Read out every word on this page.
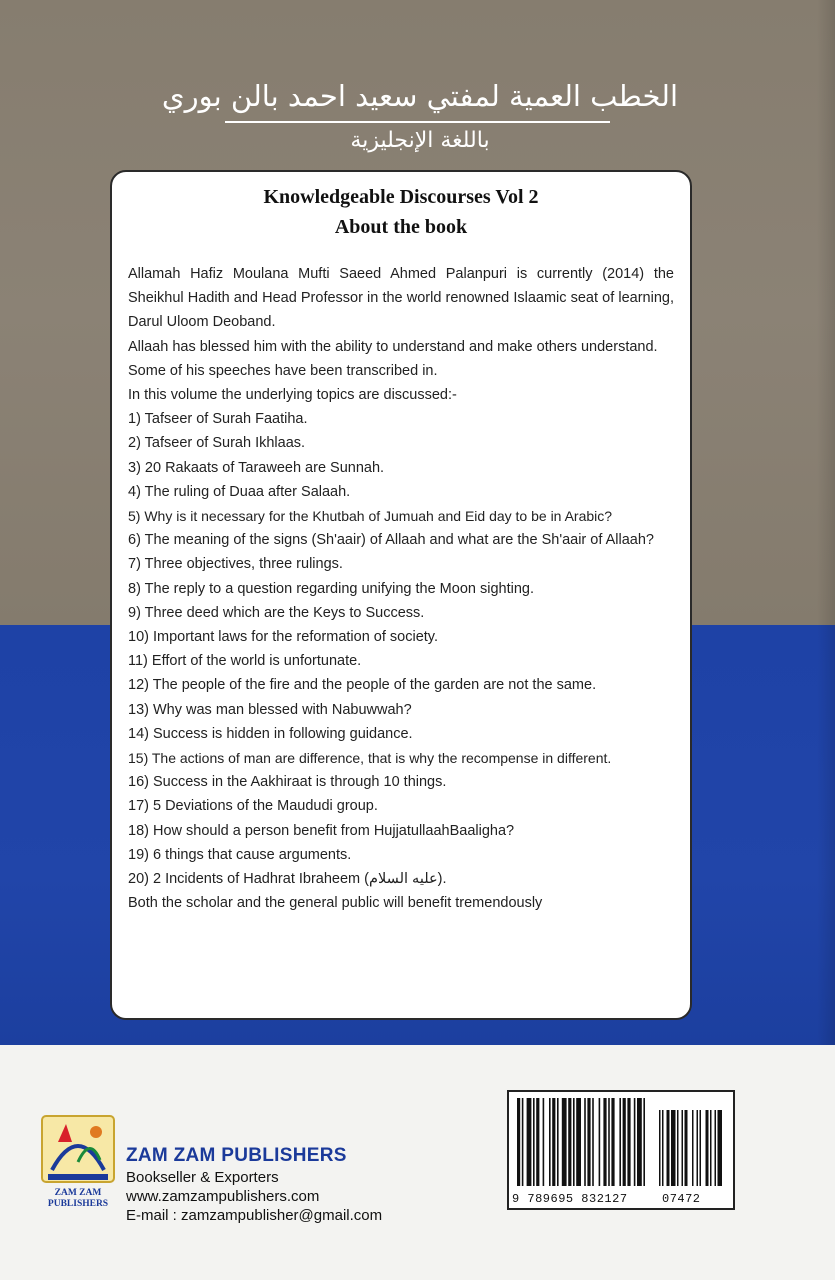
الخطب العمية لمفتي سعيد احمد بالن بوري
باللغة الإنجليزية
Knowledgeable Discourses Vol 2
About the book

Allamah Hafiz Moulana Mufti Saeed Ahmed Palanpuri is currently (2014) the Sheikhul Hadith and Head Professor in the world renowned Islaamic seat of learning, Darul Uloom Deoband.

Allaah has blessed him with the ability to understand and make others understand.

Some of his speeches have been transcribed in.

In this volume the underlying topics are discussed:-

1) Tafseer of Surah Faatiha.

2) Tafseer of Surah Ikhlaas.

3) 20 Rakaats of Taraweeh are Sunnah.

4) The ruling of Duaa after Salaah.

5) Why is it necessary for the Khutbah of Jumuah and Eid day to be in Arabic?

6) The meaning of the signs (Sh'aair) of Allaah and what are the Sh'aair of Allaah?

7) Three objectives, three rulings.

8) The reply to a question regarding unifying the Moon sighting.

9) Three deed which are the Keys to Success.

10) Important laws for the reformation of society.

11) Effort of the world is unfortunate.

12) The people of the fire and the people of the garden are not the same.

13) Why was man blessed with Nabuwwah?

14) Success is hidden in following guidance.

15) The actions of man are difference, that is why the recompense in different.

16) Success in the Aakhiraat is through 10 things.

17) 5 Deviations of the Maududi group.

18) How should a person benefit from HujjatullaahBaaligha?

19) 6 things that cause arguments.

20) 2 Incidents of Hadhrat Ibraheem (عليه السلام).

Both the scholar and the general public will benefit tremendously

ZAM ZAM PUBLISHERS
ZAM ZAM PUBLISHERS
Bookseller & Exporters
www.zamzampublishers.com
E-mail : zamzampublisher@gmail.com
9 789695 832127	07472
